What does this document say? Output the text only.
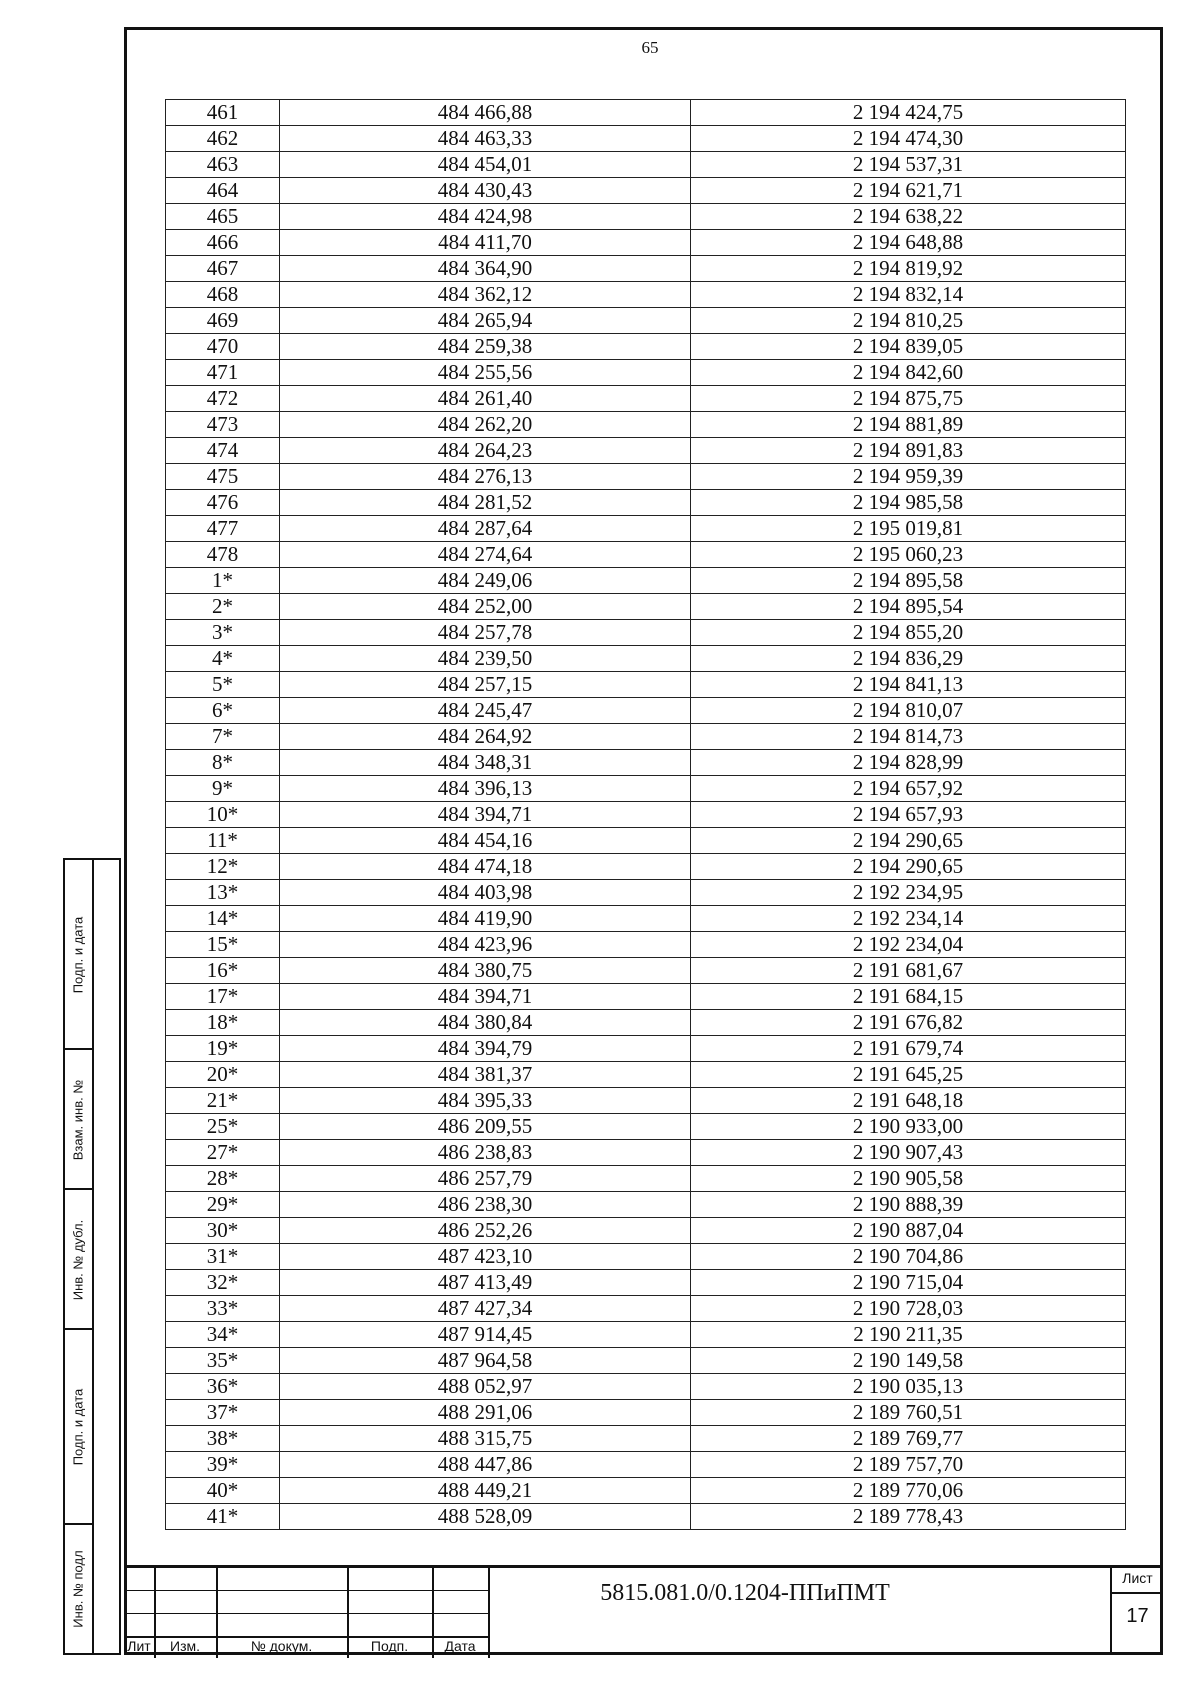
65
461	484 466,88	2 194 424,75
462	484 463,33	2 194 474,30
463	484 454,01	2 194 537,31
464	484 430,43	2 194 621,71
465	484 424,98	2 194 638,22
466	484 411,70	2 194 648,88
467	484 364,90	2 194 819,92
468	484 362,12	2 194 832,14
469	484 265,94	2 194 810,25
470	484 259,38	2 194 839,05
471	484 255,56	2 194 842,60
472	484 261,40	2 194 875,75
473	484 262,20	2 194 881,89
474	484 264,23	2 194 891,83
475	484 276,13	2 194 959,39
476	484 281,52	2 194 985,58
477	484 287,64	2 195 019,81
478	484 274,64	2 195 060,23
1*	484 249,06	2 194 895,58
2*	484 252,00	2 194 895,54
3*	484 257,78	2 194 855,20
4*	484 239,50	2 194 836,29
5*	484 257,15	2 194 841,13
6*	484 245,47	2 194 810,07
7*	484 264,92	2 194 814,73
8*	484 348,31	2 194 828,99
9*	484 396,13	2 194 657,92
10*	484 394,71	2 194 657,93
11*	484 454,16	2 194 290,65
12*	484 474,18	2 194 290,65
13*	484 403,98	2 192 234,95
14*	484 419,90	2 192 234,14
15*	484 423,96	2 192 234,04
16*	484 380,75	2 191 681,67
17*	484 394,71	2 191 684,15
18*	484 380,84	2 191 676,82
19*	484 394,79	2 191 679,74
20*	484 381,37	2 191 645,25
21*	484 395,33	2 191 648,18
25*	486 209,55	2 190 933,00
27*	486 238,83	2 190 907,43
28*	486 257,79	2 190 905,58
29*	486 238,30	2 190 888,39
30*	486 252,26	2 190 887,04
31*	487 423,10	2 190 704,86
32*	487 413,49	2 190 715,04
33*	487 427,34	2 190 728,03
34*	487 914,45	2 190 211,35
35*	487 964,58	2 190 149,58
36*	488 052,97	2 190 035,13
37*	488 291,06	2 189 760,51
38*	488 315,75	2 189 769,77
39*	488 447,86	2 189 757,70
40*	488 449,21	2 189 770,06
41*	488 528,09	2 189 778,43
Подп. и дата
Взам. инв. №
Инв. № дубл.
Подп. и дата
Инв. № подл
Лит	Изм.	№ докум.	Подп.	Дата
5815.081.0/0.1204-ППиПМТ
Лист
17
